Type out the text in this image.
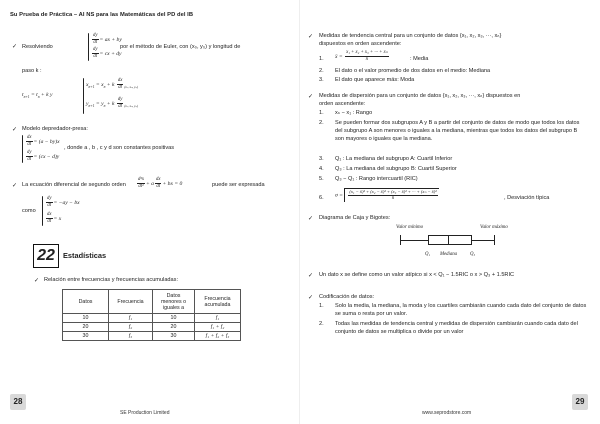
Su Prueba de Práctica – AI NS para las Matemáticas del PD del IB
✓
$\frac{dy}{dt}$ = ax + by
$\frac{dy}{dt}$ = cx + dy
Resolviendo	por el método de Euler, con (x₀, y₀) y longitud de
paso k :
$t_{n+1} = t_n + k$ y
$x_{n+1} = x_n + k \frac{dx}{dt} _{(t_n, x_n, y_n)}$
$y_{n+1} = y_n + k \frac{dy}{dt} _{(t_n, x_n, y_n)}$
✓ Modelo depredador-presa:
$\frac{dx}{dt} = (a - by)x$
$\frac{dy}{dt} = (cx - d)y$
, donde a , b , c y d son constantes positivas
✓ La ecuación diferencial de segundo orden $\frac{\text{d²x}}{\text{dt²}} + a \frac{dx}{dt}$ + bx = 0	puede ser expresada
como
$\frac{dy}{dt} = -ay$ − bx
$\frac{dx}{dt} = x$
22	Estadísticas
✓ Relación entre frecuencias y frecuencias acumuladas:
Datos	Frecuencia	Datos menores o iguales a	Frecuencia acumulada
10	f₁	10	f₁
20	f₂	20	f₁ + f₂
30	f₃	30	f₁ + f₂ + f₃
28
SE Production Limited
✓ Medidas de tendencia central para un conjunto de datos {x₁, x₂, x₃, ···, xₙ}
dispuestos en orden ascendente:
1. x̄ = $\frac{\text{x₁ + x₂ + x₃ + ··· + xₙ}}{n}$	: Media
2. El dato o el valor promedio de dos datos en el medio: Mediana
3. El dato que aparece más: Moda
✓ Medidas de dispersión para un conjunto de datos {x₁, x₂, x₃, ···, xₙ} dispuestos en
orden ascendente:
1. xₙ − x₁ : Rango
2. Se pueden formar dos subgrupos A y B a partir del conjunto de datos de modo que todos los datos del subgrupo A son menores o iguales a la mediana, mientras que todos los datos del subgrupo B son mayores o iguales que la mediana.
3. Q₁ : La mediana del subgrupo A: Cuartil Inferior
4. Q₃ : La mediana del subgrupo B: Cuartil Superior
5. Q₃ − Q₁ : Rango intercuartil (RIC)
6. $\sigma = \frac{\text{(x₁ − x̄)² + (x₂ − x̄)² + (x₃ − x̄)² + ··· + (xₙ − x̄)²}}{n}$	, Desviación típica
✓ Diagrama de Caja y Bigotes:
Valor mínimo	Valor máximo
Q₁ Mediana	Q₃
✓ Un dato x se define como un valor atípico si x < Q₁ − 1.5RIC o x > Q₃ + 1.5RIC
✓ Codificación de datos:
1. Solo la media, la mediana, la moda y los cuartiles cambiarán cuando cada dato del conjunto de datos se suma o resta por un valor.
2. Todas las medidas de tendencia central y medidas de dispersión cambiarán cuando cada dato del conjunto de datos se multiplica o divide por un valor
29
www.seprodstore.com
